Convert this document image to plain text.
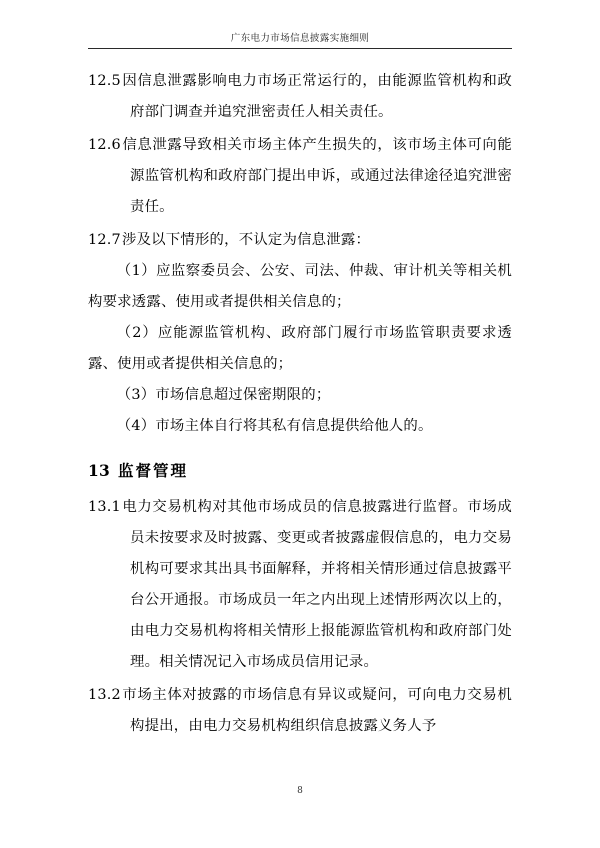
广东电力市场信息披露实施细则

12.5因信息泄露影响电力市场正常运行的，由能源监管机构和政府部门调查并追究泄密责任人相关责任。

12.6信息泄露导致相关市场主体产生损失的，该市场主体可向能源监管机构和政府部门提出申诉，或通过法律途径追究泄密责任。

12.7涉及以下情形的，不认定为信息泄露：

（1）应监察委员会、公安、司法、仲裁、审计机关等相关机构要求透露、使用或者提供相关信息的；

（2）应能源监管机构、政府部门履行市场监管职责要求透露、使用或者提供相关信息的；

（3）市场信息超过保密期限的；

（4）市场主体自行将其私有信息提供给他人的。

13 监督管理

13.1电力交易机构对其他市场成员的信息披露进行监督。市场成员未按要求及时披露、变更或者披露虚假信息的，电力交易机构可要求其出具书面解释，并将相关情形通过信息披露平台公开通报。市场成员一年之内出现上述情形两次以上的，由电力交易机构将相关情形上报能源监管机构和政府部门处理。相关情况记入市场成员信用记录。

13.2市场主体对披露的市场信息有异议或疑问，可向电力交易机构提出，由电力交易机构组织信息披露义务人予

8
